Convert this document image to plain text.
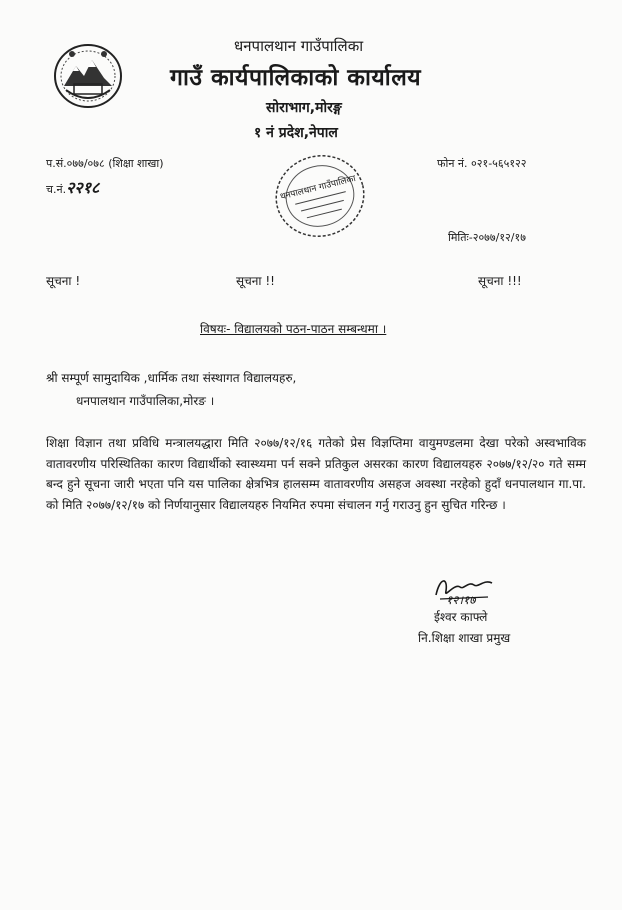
धनपालथान गाउँपालिका
गाउँ कार्यपालिकाको कार्यालय
सोराभाग,मोरङ्ग
१ नं प्रदेश,नेपाल
प.सं.०७७/०७८ (शिक्षा शाखा)
च.नं.२२१८
फोन नं. ०२१-५६५१२२
मितिः-२०७७/१२/१७
धनपालथान गाउँपालिका
सूचना !	सूचना !!	सूचना !!!
विषयः- विद्यालयको पठन-पाठन सम्बन्धमा ।
श्री सम्पूर्ण सामुदायिक ,धार्मिक तथा संस्थागत विद्यालयहरु,
धनपालथान गाउँपालिका,मोरङ ।
शिक्षा विज्ञान तथा प्रविधि मन्त्रालयद्धारा मिति २०७७/१२/१६ गतेको प्रेस विज्ञप्तिमा वायुमण्डलमा देखा परेको अस्वभाविक वातावरणीय परिस्थितिका कारण विद्यार्थीको स्वास्थ्यमा पर्न सक्ने प्रतिकुल असरका कारण विद्यालयहरु २०७७/१२/२० गते सम्म बन्द हुने सूचना जारी भएता पनि यस पालिका क्षेत्रभित्र हालसम्म वातावरणीय असहज अवस्था नरहेको हुदाँ धनपालथान गा.पा. को मिति २०७७/१२/१७ को निर्णयानुसार विद्यालयहरु नियमित रुपमा संचालन गर्नु गराउनु हुन सुचित गरिन्छ ।
१२।१७
ईश्वर काफ्ले
नि.शिक्षा शाखा प्रमुख
